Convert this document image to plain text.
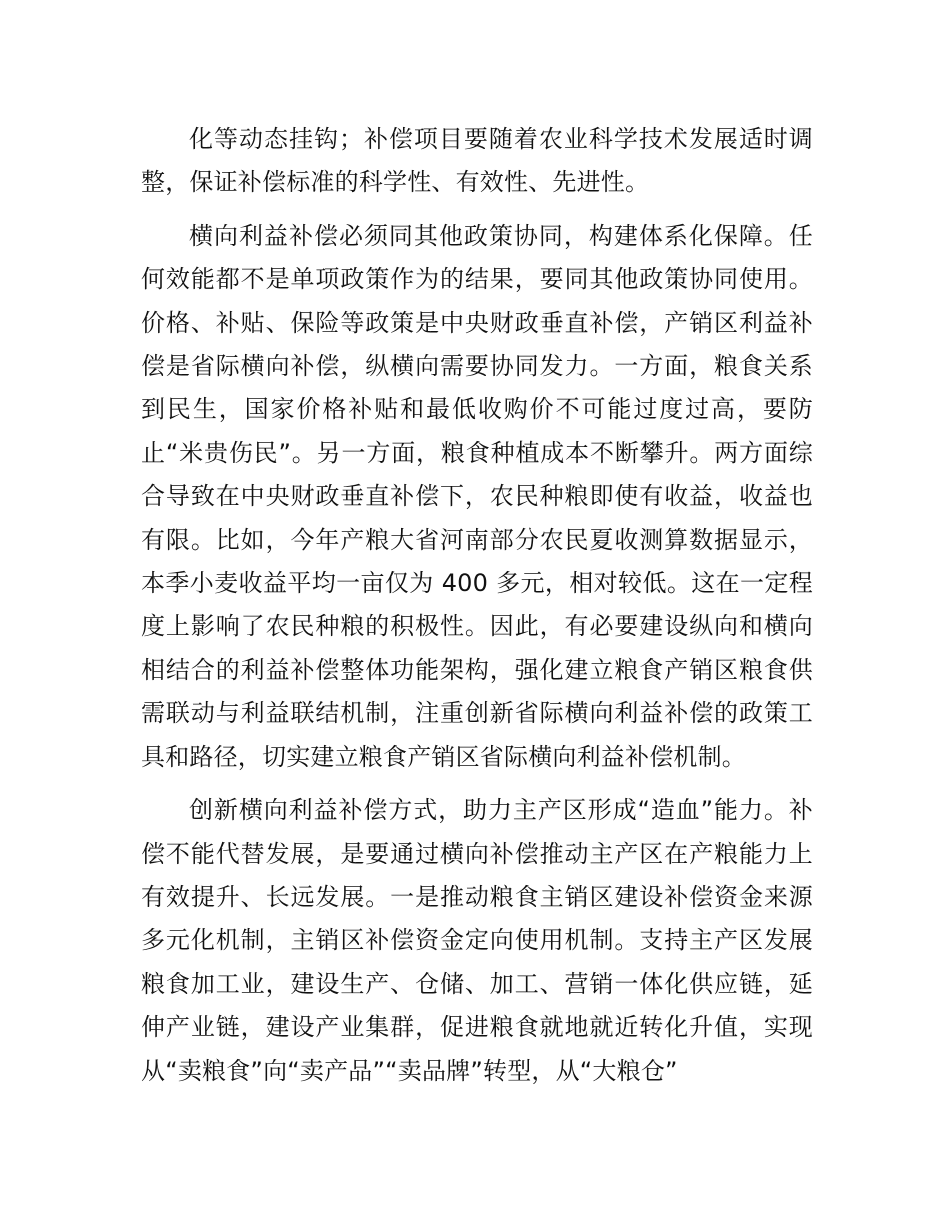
化等动态挂钩；补偿项目要随着农业科学技术发展适时调整，保证补偿标准的科学性、有效性、先进性。

横向利益补偿必须同其他政策协同，构建体系化保障。任何效能都不是单项政策作为的结果，要同其他政策协同使用。价格、补贴、保险等政策是中央财政垂直补偿，产销区利益补偿是省际横向补偿，纵横向需要协同发力。一方面，粮食关系到民生，国家价格补贴和最低收购价不可能过度过高，要防止“米贵伤民”。另一方面，粮食种植成本不断攀升。两方面综合导致在中央财政垂直补偿下，农民种粮即使有收益，收益也有限。比如，今年产粮大省河南部分农民夏收测算数据显示，本季小麦收益平均一亩仅为 400 多元，相对较低。这在一定程度上影响了农民种粮的积极性。因此，有必要建设纵向和横向相结合的利益补偿整体功能架构，强化建立粮食产销区粮食供需联动与利益联结机制，注重创新省际横向利益补偿的政策工具和路径，切实建立粮食产销区省际横向利益补偿机制。

创新横向利益补偿方式，助力主产区形成“造血”能力。补偿不能代替发展，是要通过横向补偿推动主产区在产粮能力上有效提升、长远发展。一是推动粮食主销区建设补偿资金来源多元化机制，主销区补偿资金定向使用机制。支持主产区发展粮食加工业，建设生产、仓储、加工、营销一体化供应链，延伸产业链，建设产业集群，促进粮食就地就近转化升值，实现从“卖粮食”向“卖产品”“卖品牌”转型，从“大粮仓”
